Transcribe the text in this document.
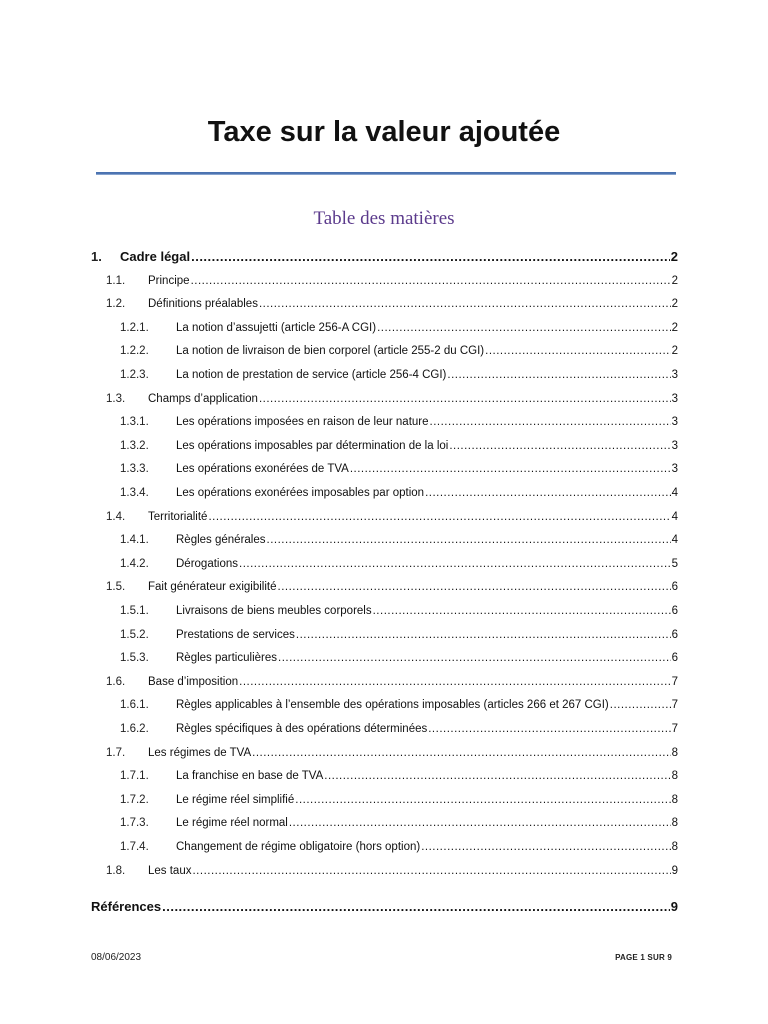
Taxe sur la valeur ajoutée
Table des matières
1.	Cadre légal .....	2
1.1.	Principe .....	2
1.2.	Définitions préalables .....	2
1.2.1.	La notion d’assujetti (article 256-A CGI) .....	2
1.2.2.	La notion de livraison de bien corporel (article 255-2 du CGI) .....	2
1.2.3.	La notion de prestation de service (article 256-4 CGI) .....	3
1.3.	Champs d’application .....	3
1.3.1.	Les opérations imposées en raison de leur nature .....	3
1.3.2.	Les opérations imposables par détermination de la loi .....	3
1.3.3.	Les opérations exonérées de TVA .....	3
1.3.4.	Les opérations exonérées imposables par option .....	4
1.4.	Territorialité .....	4
1.4.1.	Règles générales .....	4
1.4.2.	Dérogations .....	5
1.5.	Fait générateur exigibilité .....	6
1.5.1.	Livraisons de biens meubles corporels .....	6
1.5.2.	Prestations de services .....	6
1.5.3.	Règles particulières .....	6
1.6.	Base d’imposition .....	7
1.6.1.	Règles applicables à l’ensemble des opérations imposables (articles 266 et 267 CGI) .....	7
1.6.2.	Règles spécifiques à des opérations déterminées .....	7
1.7.	Les régimes de TVA .....	8
1.7.1.	La franchise en base de TVA .....	8
1.7.2.	Le régime réel simplifié .....	8
1.7.3.	Le régime réel normal .....	8
1.7.4.	Changement de régime obligatoire (hors option) .....	8
1.8.	Les taux .....	9
Références .....	9
08/06/2023	PAGE 1 SUR 9
